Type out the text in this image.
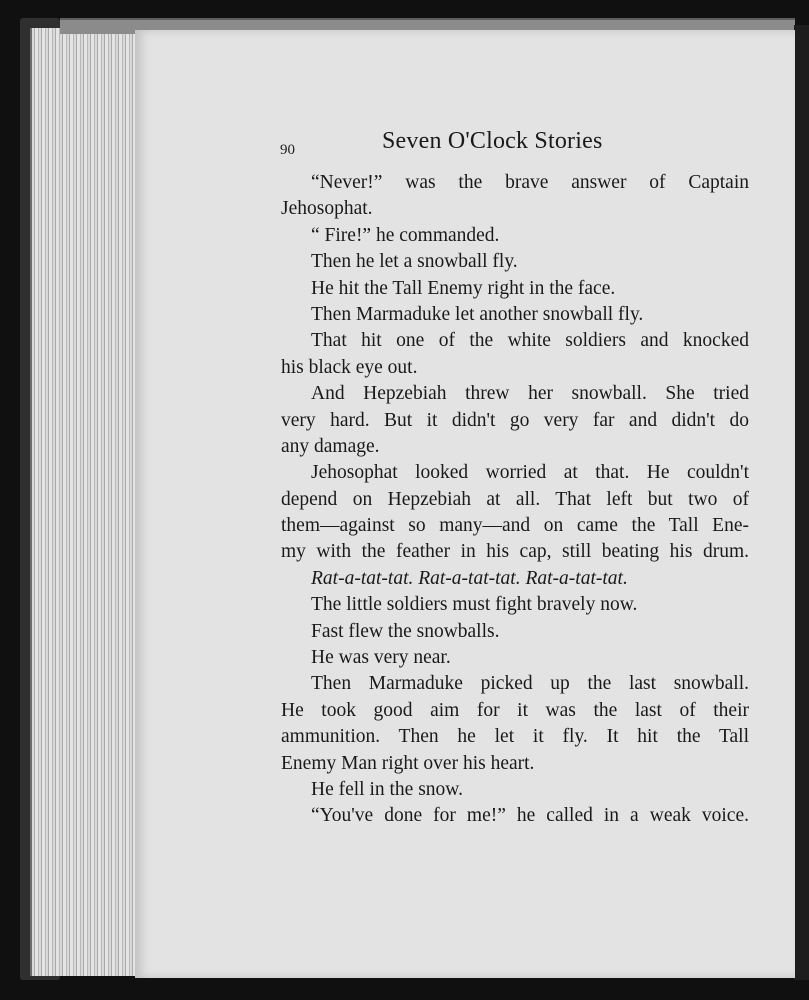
90	Seven O'Clock Stories
“Never!” was the brave answer of Captain
Jehosophat.
“ Fire!” he commanded.
Then he let a snowball fly.
He hit the Tall Enemy right in the face.
Then Marmaduke let another snowball fly.
That hit one of the white soldiers and knocked
his black eye out.
And Hepzebiah threw her snowball. She tried
very hard. But it didn't go very far and didn't do
any damage.
Jehosophat looked worried at that. He couldn't
depend on Hepzebiah at all. That left but two of
them—against so many—and on came the Tall Ene-
my with the feather in his cap, still beating his drum.
Rat-a-tat-tat. Rat-a-tat-tat. Rat-a-tat-tat.
The little soldiers must fight bravely now.
Fast flew the snowballs.
He was very near.
Then Marmaduke picked up the last snowball.
He took good aim for it was the last of their
ammunition. Then he let it fly. It hit the Tall
Enemy Man right over his heart.
He fell in the snow.
“You've done for me!” he called in a weak voice.
